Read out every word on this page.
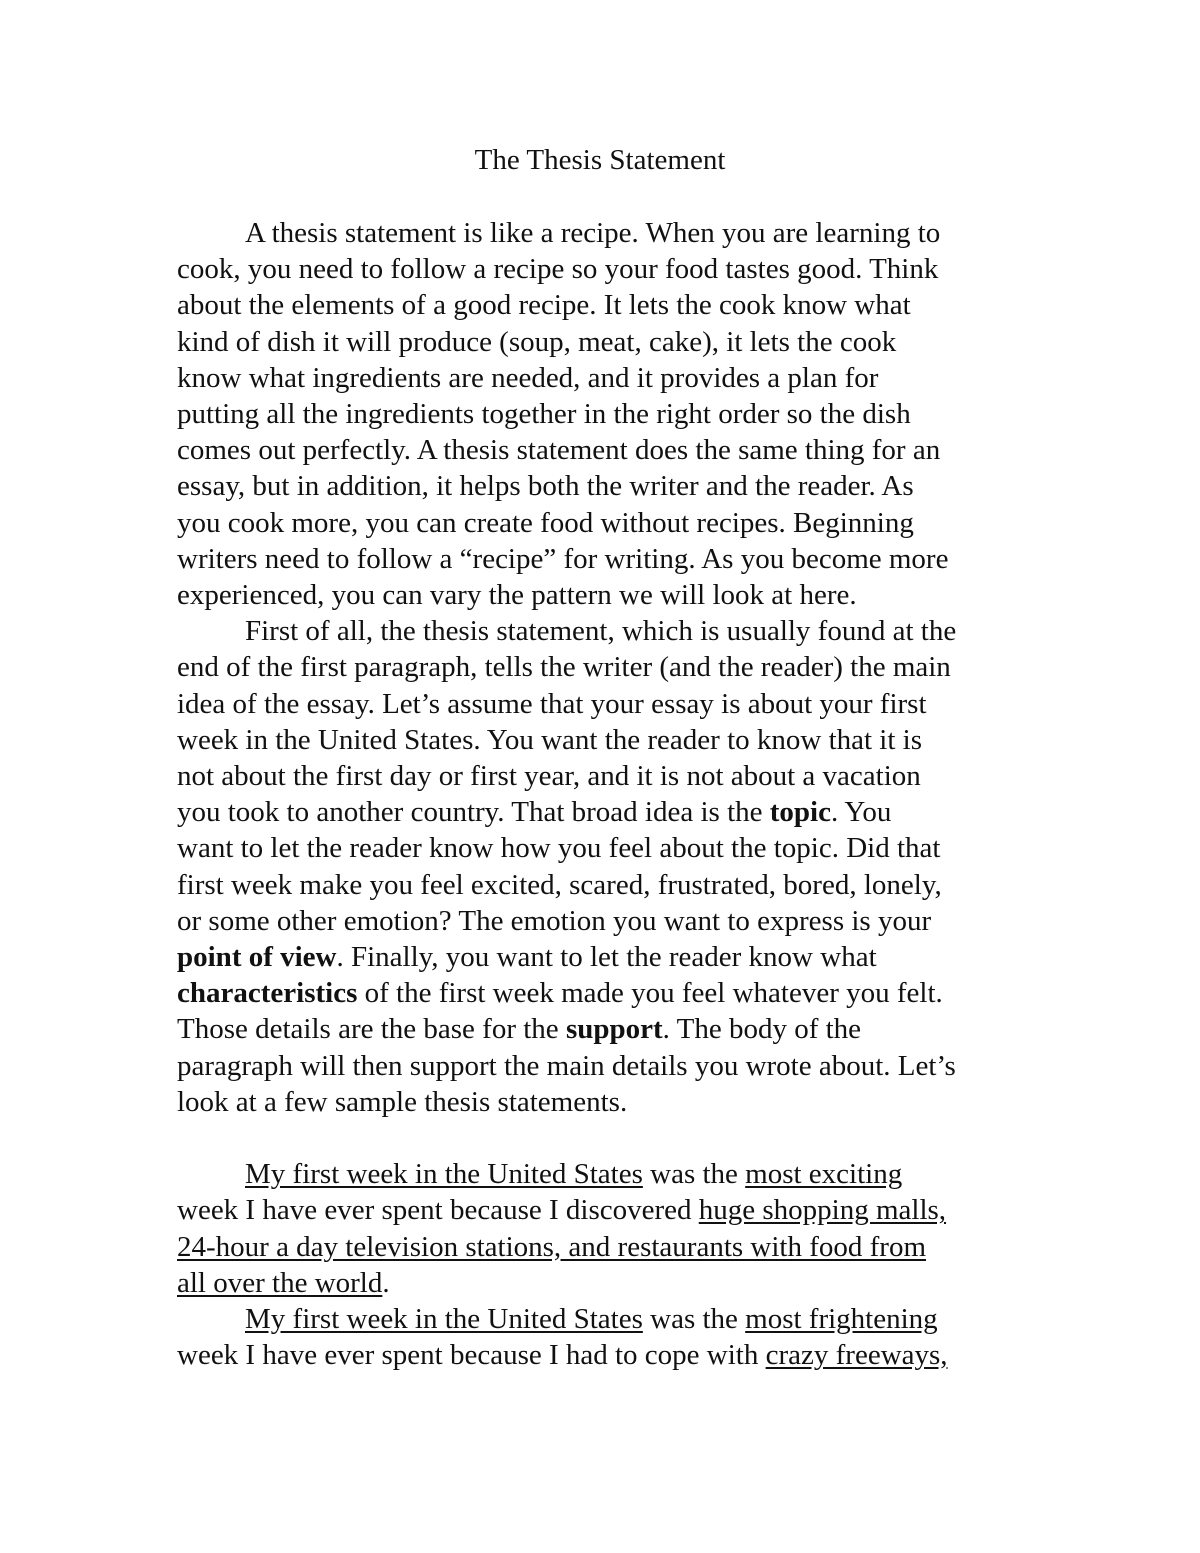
The Thesis Statement
A thesis statement is like a recipe. When you are learning to
cook, you need to follow a recipe so your food tastes good. Think
about the elements of a good recipe. It lets the cook know what
kind of dish it will produce (soup, meat, cake), it lets the cook
know what ingredients are needed, and it provides a plan for
putting all the ingredients together in the right order so the dish
comes out perfectly. A thesis statement does the same thing for an
essay, but in addition, it helps both the writer and the reader. As
you cook more, you can create food without recipes. Beginning
writers need to follow a “recipe” for writing. As you become more
experienced, you can vary the pattern we will look at here.
First of all, the thesis statement, which is usually found at the
end of the first paragraph, tells the writer (and the reader) the main
idea of the essay. Let’s assume that your essay is about your first
week in the United States. You want the reader to know that it is
not about the first day or first year, and it is not about a vacation
you took to another country. That broad idea is the topic. You
want to let the reader know how you feel about the topic. Did that
first week make you feel excited, scared, frustrated, bored, lonely,
or some other emotion? The emotion you want to express is your
point of view. Finally, you want to let the reader know what
characteristics of the first week made you feel whatever you felt.
Those details are the base for the support. The body of the
paragraph will then support the main details you wrote about. Let’s
look at a few sample thesis statements.
My first week in the United States was the most exciting
week I have ever spent because I discovered huge shopping malls,
24-hour a day television stations, and restaurants with food from
all over the world.
My first week in the United States was the most frightening
week I have ever spent because I had to cope with crazy freeways,
